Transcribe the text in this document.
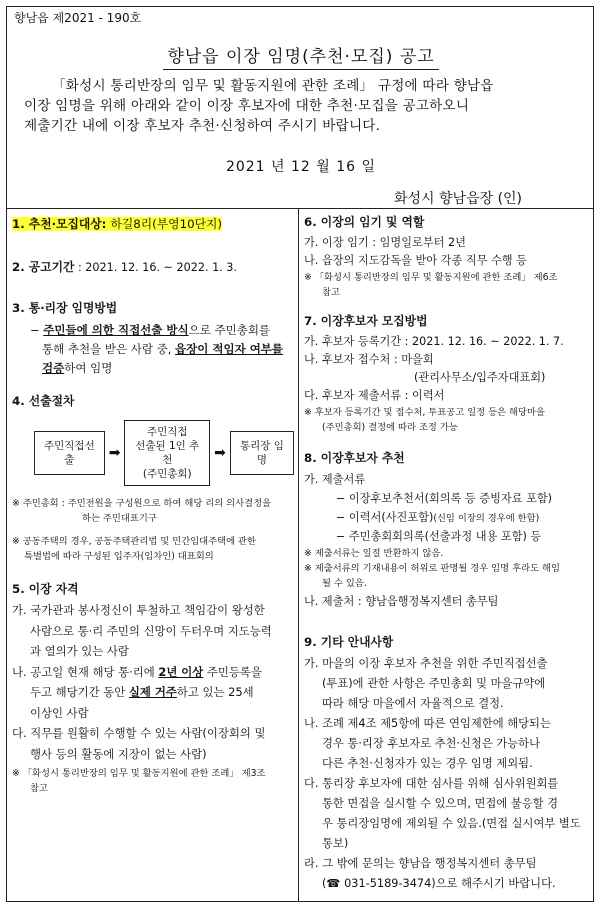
향남읍 제2021 - 190호
향남읍 이장 임명(추천·모집) 공고
「화성시 통리반장의 임무 및 활동지원에 관한 조례」 규정에 따라 향남읍
이장 임명을 위해 아래와 같이 이장 후보자에 대한 추천·모집을 공고하오니
제출기간 내에 이장 후보자 추천·신청하여 주시기 바랍니다.
2021 년 12 월 16 일
화성시 향남읍장 (인)
1. 추천·모집대상: 하길8리(부영10단지)
2. 공고기간 : 2021. 12. 16. ~ 2022. 1. 3.
3. 통·리장 임명방법
− 주민들에 의한 직접선출 방식으로 주민총회를
통해 추천을 받은 사람 중, 읍장이 적임자 여부를
검증하여 임명
4. 선출절차
주민직접선출	➡
주민직접
선출된 1인 추천
(주민총회)
➡	통리장 임명
※ 주민총회 : 주민전원을 구성원으로 하여 해당 리의 의사결정을
하는 주민대표기구
※ 공동주택의 경우, 공동주택관리법 및 민간임대주택에 관한
특별법에 따라 구성된 입주자(임차인) 대표회의
5. 이장 자격
가. 국가관과 봉사정신이 투철하고 책임감이 왕성한
사람으로 통·리 주민의 신망이 두터우며 지도능력
과 열의가 있는 사람
나. 공고일 현재 해당 통·리에 2년 이상 주민등록을
두고 해당기간 동안 실제 거주하고 있는 25세
이상인 사람
다. 직무를 원활히 수행할 수 있는 사람(이장회의 및
행사 등의 활동에 지장이 없는 사람)
※ 「화성시 통리반장의 임무 및 활동지원에 관한 조례」 제3조
참고
6. 이장의 임기 및 역할
가. 이장 임기 : 임명일로부터 2년
나. 읍장의 지도감독을 받아 각종 직무 수행 등
※ 「화성시 통리반장의 임무 및 활동지원에 관한 조례」 제6조
참고
7. 이장후보자 모집방법
가. 후보자 등록기간 : 2021. 12. 16. ~ 2022. 1. 7.
나. 후보자 접수처 : 마을회
(관리사무소/입주자대표회)
다. 후보자 제출서류 : 이력서
※ 후보자 등록기간 및 접수처, 투표공고 일정 등은 해당마을
(주민총회) 결정에 따라 조정 가능
8. 이장후보자 추천
가. 제출서류
− 이장후보추천서(회의록 등 증빙자료 포함)
− 이력서(사진포함)(신임 이장의 경우에 한함)
− 주민총회회의록(선출과정 내용 포함) 등
※ 제출서류는 일절 반환하지 않음.
※ 제출서류의 기재내용이 허위로 판명될 경우 임명 후라도 해임
될 수 있음.
나. 제출처 : 향남읍행정복지센터 총무팀
9. 기타 안내사항
가. 마을의 이장 후보자 추천을 위한 주민직접선출
(투표)에 관한 사항은 주민총회 및 마을규약에
따라 해당 마을에서 자율적으로 결정.
나. 조례 제4조 제5항에 따른 연임제한에 해당되는
경우 통·리장 후보자로 추천·신청은 가능하나
다른 추천·신청자가 있는 경우 임명 제외됨.
다. 통리장 후보자에 대한 심사를 위해 심사위원회를
통한 면접을 실시할 수 있으며, 면접에 불응할 경
우 통리장임명에 제외될 수 있음.(면접 실시여부 별도
통보)
라. 그 밖에 문의는 향남읍 행정복지센터 총무팀
(☎ 031-5189-3474)으로 해주시기 바랍니다.
